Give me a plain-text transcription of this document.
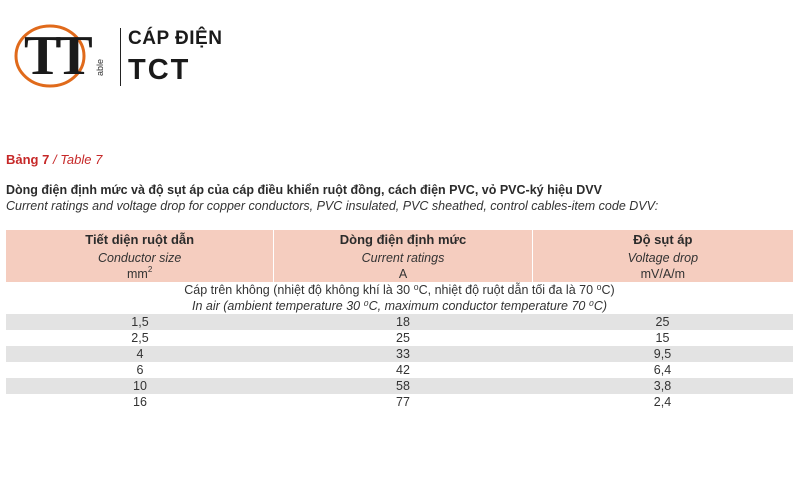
TT able
CÁP ĐIỆN
TCT
Bảng 7 / Table 7
Dòng điện định mức và độ sụt áp của cáp điều khiển ruột đồng, cách điện PVC, vỏ PVC-ký hiệu DVV
Current ratings and voltage drop for copper conductors, PVC insulated, PVC sheathed, control cables-item code DVV:
Tiết diện ruột dẫn	Dòng điện định mức	Độ sụt áp
Conductor size	Current ratings	Voltage drop
$mm^2$	A	mV/A/m
Cáp trên không (nhiệt độ không khí là 30 ⁰C, nhiệt độ ruột dẫn tối đa là 70 ⁰C)
In air (ambient temperature 30 ⁰C, maximum conductor temperature 70 ⁰C)
1,5	18	25
2,5	25	15
4	33	9,5
6	42	6,4
10	58	3,8
16	77	2,4
